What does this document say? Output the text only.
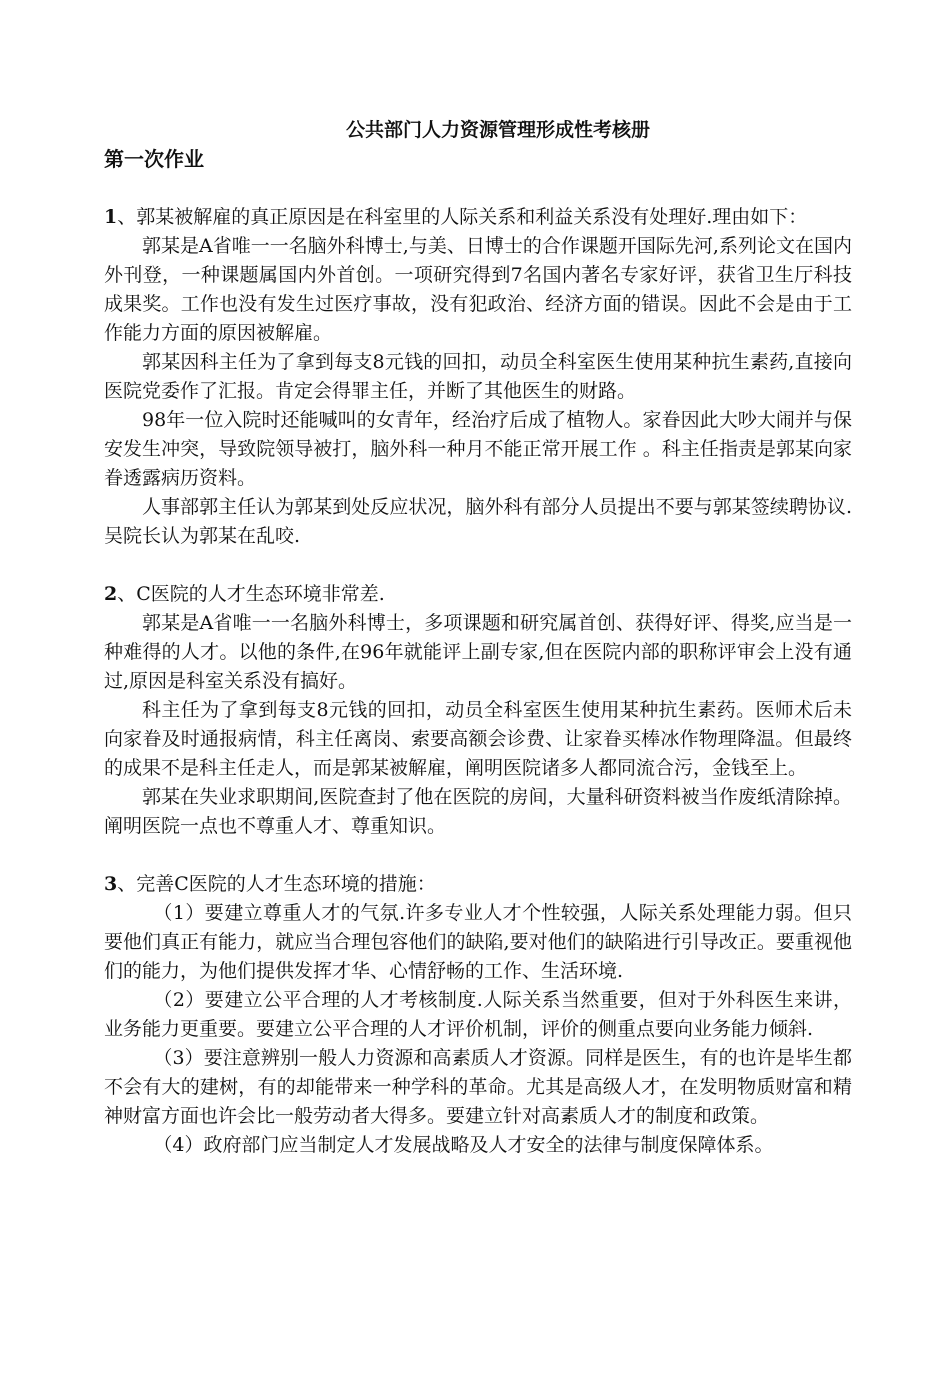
公共部门人力资源管理形成性考核册
第一次作业

1、郭某被解雇的真正原因是在科室里的人际关系和利益关系没有处理好.理由如下：

郭某是A省唯一一名脑外科博士,与美、日博士的合作课题开国际先河,系列论文在国内外刊登，一种课题属国内外首创。一项研究得到7名国内著名专家好评，获省卫生厅科技成果奖。工作也没有发生过医疗事故，没有犯政治、经济方面的错误。因此不会是由于工作能力方面的原因被解雇。

郭某因科主任为了拿到每支8元钱的回扣，动员全科室医生使用某种抗生素药,直接向医院党委作了汇报。肯定会得罪主任，并断了其他医生的财路。

98年一位入院时还能喊叫的女青年，经治疗后成了植物人。家眷因此大吵大闹并与保安发生冲突，导致院领导被打，脑外科一种月不能正常开展工作 。科主任指责是郭某向家眷透露病历资料。

人事部郭主任认为郭某到处反应状况，脑外科有部分人员提出不要与郭某签续聘协议.吴院长认为郭某在乱咬.

2、C医院的人才生态环境非常差.

郭某是A省唯一一名脑外科博士，多项课题和研究属首创、获得好评、得奖,应当是一种难得的人才。以他的条件,在96年就能评上副专家,但在医院内部的职称评审会上没有通过,原因是科室关系没有搞好。

科主任为了拿到每支8元钱的回扣，动员全科室医生使用某种抗生素药。医师术后未向家眷及时通报病情，科主任离岗、索要高额会诊费、让家眷买棒冰作物理降温。但最终的成果不是科主任走人，而是郭某被解雇，阐明医院诸多人都同流合污，金钱至上。

郭某在失业求职期间,医院查封了他在医院的房间，大量科研资料被当作废纸清除掉。阐明医院一点也不尊重人才、尊重知识。

3、完善C医院的人才生态环境的措施：

（1）要建立尊重人才的气氛.许多专业人才个性较强，人际关系处理能力弱。但只要他们真正有能力，就应当合理包容他们的缺陷,要对他们的缺陷进行引导改正。要重视他们的能力，为他们提供发挥才华、心情舒畅的工作、生活环境.

（2）要建立公平合理的人才考核制度.人际关系当然重要，但对于外科医生来讲，业务能力更重要。要建立公平合理的人才评价机制，评价的侧重点要向业务能力倾斜.

（3）要注意辨别一般人力资源和高素质人才资源。同样是医生，有的也许是毕生都不会有大的建树，有的却能带来一种学科的革命。尤其是高级人才，在发明物质财富和精神财富方面也许会比一般劳动者大得多。要建立针对高素质人才的制度和政策。

（4）政府部门应当制定人才发展战略及人才安全的法律与制度保障体系。
